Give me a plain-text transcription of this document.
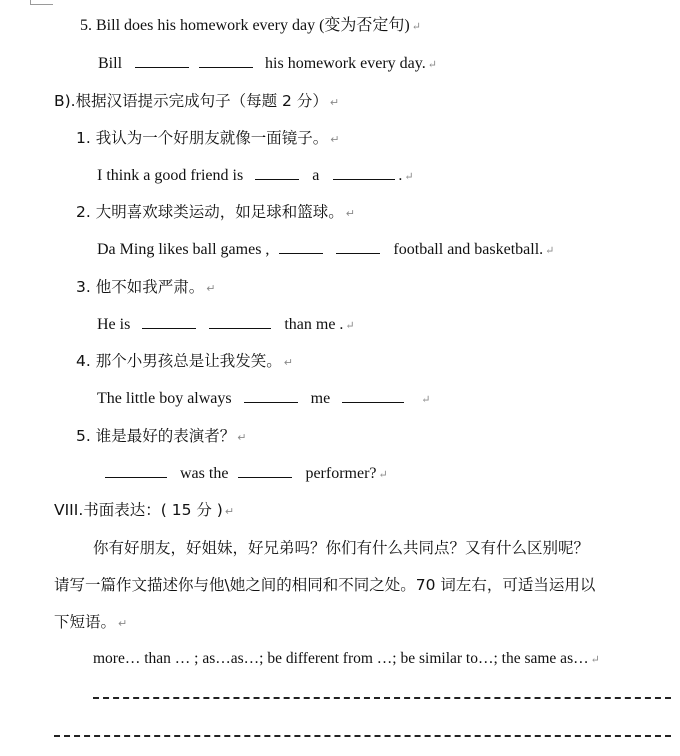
5. Bill does his homework every day (变为否定句) ↵
Bill	his homework every day. ↵
B).根据汉语提示完成句子（每题 2 分） ↵
1. 我认为一个好朋友就像一面镜子。 ↵
I think a good friend is	a	. ↵
2. 大明喜欢球类运动，如足球和篮球。 ↵
Da Ming likes ball games ,	football and basketball. ↵
3. 他不如我严肃。 ↵
He is	than me . ↵
4. 那个小男孩总是让我发笑。 ↵
The little boy always	me	↵
5. 谁是最好的表演者？ ↵
was the	performer? ↵
VIII.书面表达：( 15 分 ) ↵
你有好朋友，好姐妹，好兄弟吗？你们有什么共同点？又有什么区别呢？
请写一篇作文描述你与他\她之间的相同和不同之处。70 词左右，可适当运用以
下短语。 ↵
more… than … ; as…as…; be different from …; be similar to…; the same as… ↵
